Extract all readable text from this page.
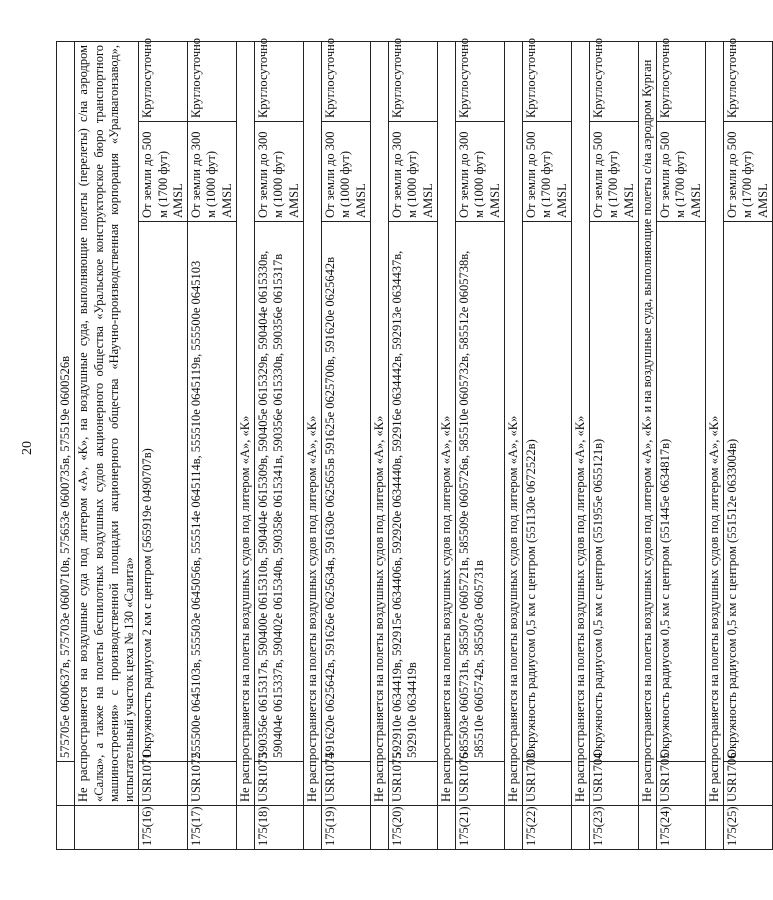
20
		575705e 0600637в, 575703e 0600710в, 575653e 0600735в, 575519e 0600526в		
	Не распространяется на воздушные суда под литером «А», «К», на воздушные суда, выполняющие полеты (перелеты) с/на аэродром «Салка», а также на полеты беспилотных воздушных судов акционерного общества «Уральское конструкторское бюро транспортного машиностроения» с производственной площадки акционерного общества «Научно-производственная корпорация «Уралвагонзавод», испытательный участок цеха № 130 «Салита»			
175(16)	USR1071	Окружность радиусом 2 км с центром (565919e 0490707в)	От земли до 500 м (1700 фут) AMSL	Круглосуточно
175(17)	USR1072	555500e 0645103в, 555503e 0645056в, 555514e 0645114в, 555510e 0645119в, 555500e 0645103	От земли до 300 м (1000 фут) AMSL	Круглосуточно
	Не распространяется на полеты воздушных судов под литером «А», «К»			
175(18)	USR1073	590356e 0615317в, 590400e 0615310в, 590404e 0615309в, 590405e 0615329в, 590404e 0615330в, 590404e 0615337в, 590402e 0615340в, 590358e 0615341в, 590356e 0615330в, 590356e 0615317в	От земли до 300 м (1000 фут) AMSL	Круглосуточно
	Не распространяется на полеты воздушных судов под литером «А», «К»			
175(19)	USR1074	591620e 0625642в, 591626e 0625634в, 591630e 0625655в 591625e 0625700в, 591620e 0625642в	От земли до 300 м (1000 фут) AMSL	Круглосуточно
	Не распространяется на полеты воздушных судов под литером «А», «К»			
175(20)	USR1075	592910e 0634419в, 592915e 0634406в, 592920e 0634440в, 592916e 0634442в, 592913e 0634437в, 592910e 0634419в	От земли до 300 м (1000 фут) AMSL	Круглосуточно
	Не распространяется на полеты воздушных судов под литером «А», «К»			
175(21)	USR1076	585503e 0605731в, 585507e 0605721в, 585509e 0605726в, 585510e 0605732в, 585512e 0605738в, 585510e 0605742в, 585503e 0605731в	От земли до 300 м (1000 фут) AMSL	Круглосуточно
	Не распространяется на полеты воздушных судов под литером «А», «К»			
175(22)	USR1703	Окружность радиусом 0,5 км с центром (551130e 0672522в)	От земли до 500 м (1700 фут) AMSL	Круглосуточно
	Не распространяется на полеты воздушных судов под литером «А», «К»			
175(23)	USR1704	Окружность радиусом 0,5 км с центром (551955e 0655121в)	От земли до 500 м (1700 фут) AMSL	Круглосуточно
	Не распространяется на полеты воздушных судов под литером «А», «К» и на воздушные суда, выполняющие полеты с/на аэродром Курган			
175(24)	USR1705	Окружность радиусом 0,5 км с центром (551445e 0634817в)	От земли до 500 м (1700 фут) AMSL	Круглосуточно
	Не распространяется на полеты воздушных судов под литером «А», «К»			
175(25)	USR1706	Окружность радиусом 0,5 км с центром (551512e 0633004в)	От земли до 500 м (1700 фут) AMSL	Круглосуточно
